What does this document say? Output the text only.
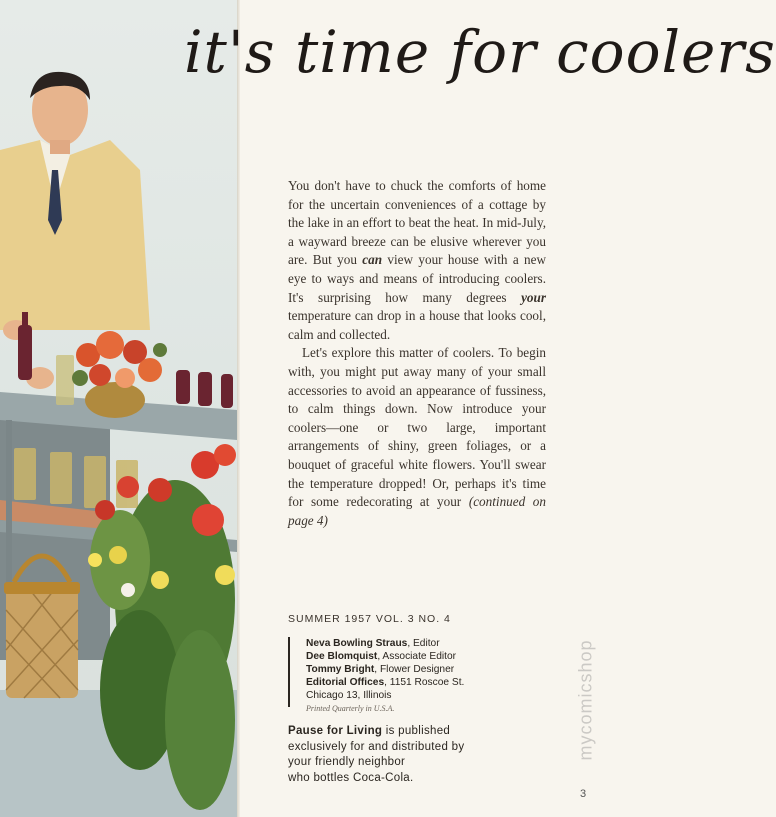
it's time for coolers

You don't have to chuck the comforts of home for the uncertain conveniences of a cottage by the lake in an effort to beat the heat. In mid-July, a wayward breeze can be elusive wherever you are. But you can view your house with a new eye to ways and means of introducing coolers. It's surprising how many degrees your temperature can drop in a house that looks cool, calm and collected.

Let's explore this matter of coolers. To begin with, you might put away many of your small accessories to avoid an appearance of fussiness, to calm things down. Now introduce your coolers—one or two large, important arrangements of shiny, green foliages, or a bouquet of graceful white flowers. You'll swear the temperature dropped! Or, perhaps it's time for some redecorating at your (continued on page 4)

SUMMER 1957 VOL. 3 NO. 4
Neva Bowling Straus, Editor
Dee Blomquist, Associate Editor
Tommy Bright, Flower Designer
Editorial Offices, 1151 Roscoe St.
Chicago 13, Illinois
Printed Quarterly in U.S.A.
Pause for Living is published
exclusively for and distributed by
your friendly neighbor
who bottles Coca-Cola.
mycomicshop
3
